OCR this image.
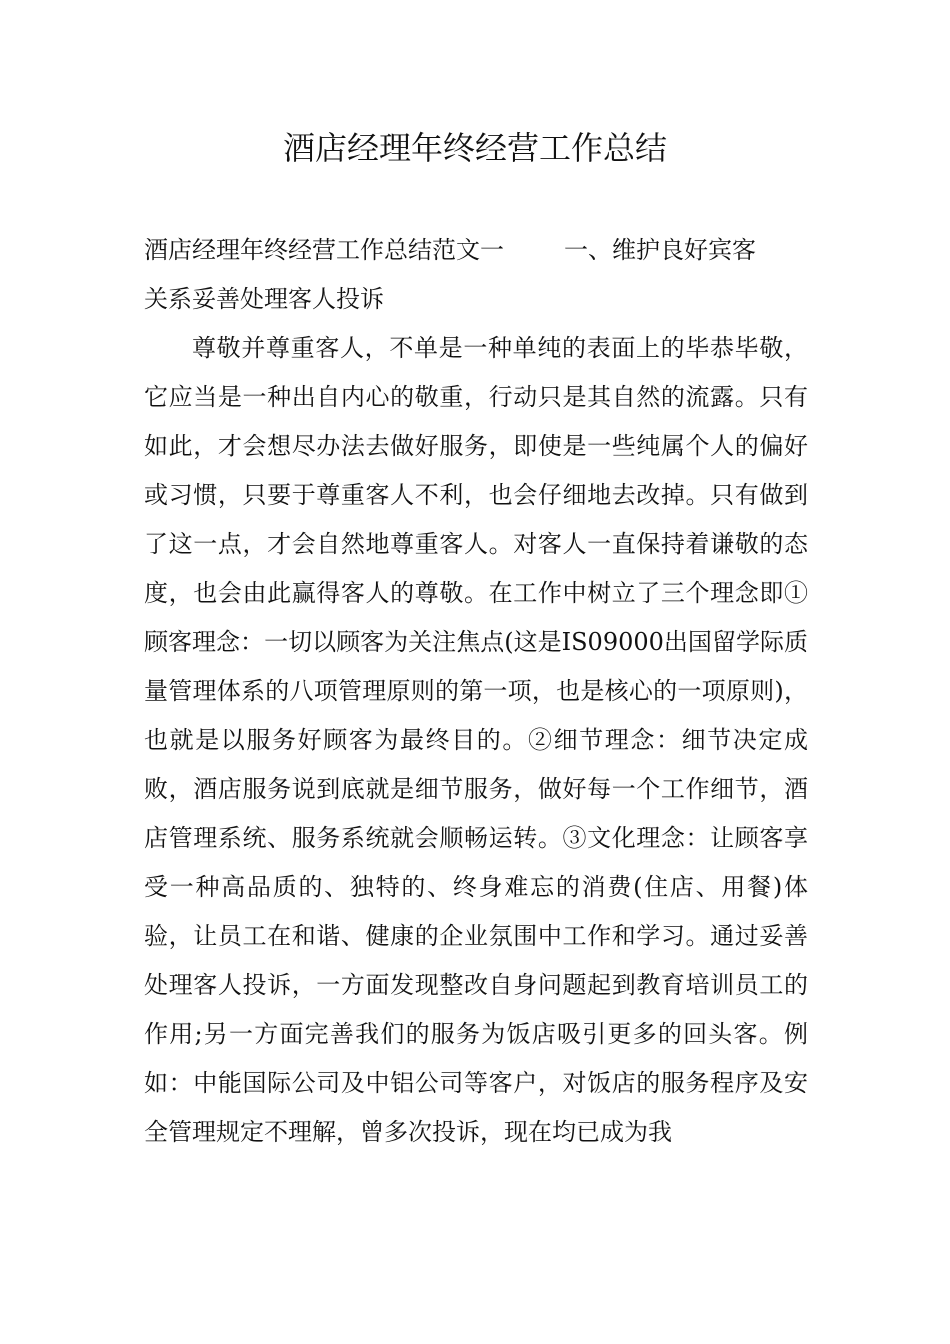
酒店经理年终经营工作总结

酒店经理年终经营工作总结范文一	一、维护良好宾客

关系妥善处理客人投诉

尊敬并尊重客人，不单是一种单纯的表面上的毕恭毕敬，它应当是一种出自内心的敬重，行动只是其自然的流露。只有如此，才会想尽办法去做好服务，即使是一些纯属个人的偏好或习惯，只要于尊重客人不利，也会仔细地去改掉。只有做到了这一点，才会自然地尊重客人。对客人一直保持着谦敬的态度，也会由此赢得客人的尊敬。在工作中树立了三个理念即①顾客理念：一切以顾客为关注焦点(这是IS09000出国留学际质量管理体系的八项管理原则的第一项，也是核心的一项原则)，也就是以服务好顾客为最终目的。②细节理念：细节决定成败，酒店服务说到底就是细节服务，做好每一个工作细节，酒店管理系统、服务系统就会顺畅运转。③文化理念：让顾客享受一种高品质的、独特的、终身难忘的消费(住店、用餐)体验，让员工在和谐、健康的企业氛围中工作和学习。通过妥善处理客人投诉，一方面发现整改自身问题起到教育培训员工的作用;另一方面完善我们的服务为饭店吸引更多的回头客。例如：中能国际公司及中铝公司等客户，对饭店的服务程序及安全管理规定不理解，曾多次投诉，现在均已成为我
